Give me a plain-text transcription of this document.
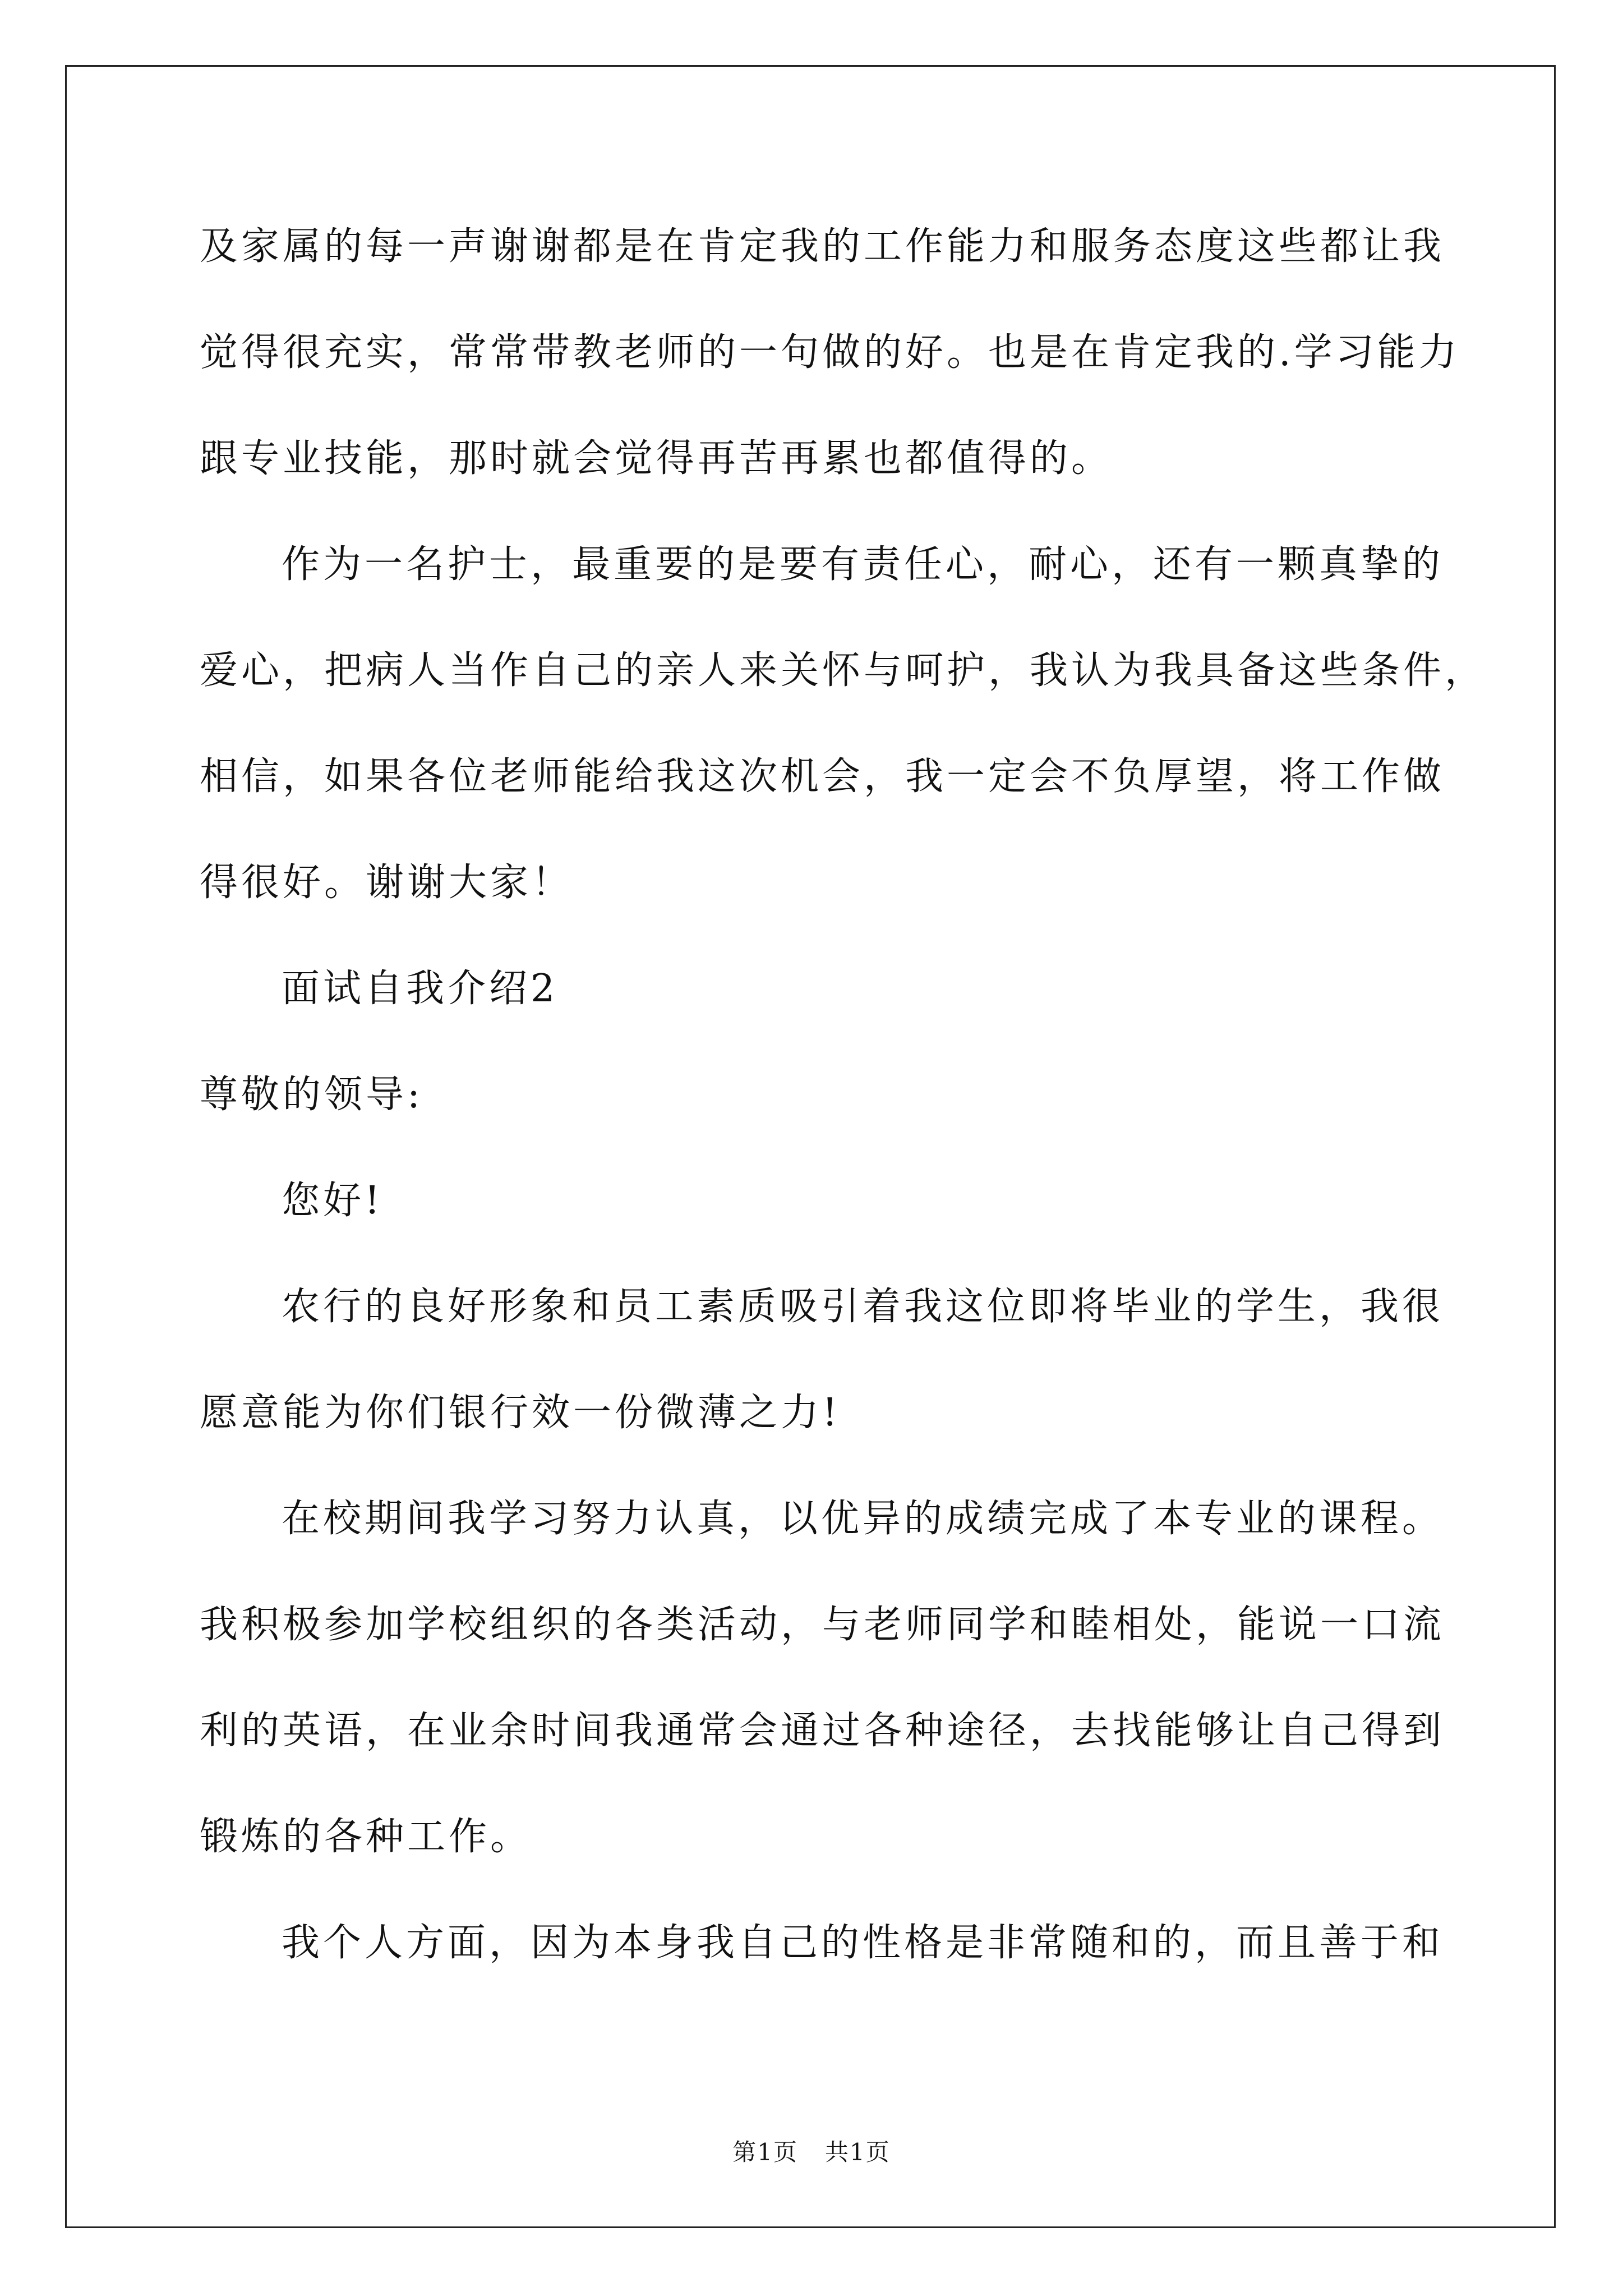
及家属的每一声谢谢都是在肯定我的工作能力和服务态度这些都让我
觉得很充实，常常带教老师的一句做的好。也是在肯定我的.学习能力
跟专业技能，那时就会觉得再苦再累也都值得的。
作为一名护士，最重要的是要有责任心，耐心，还有一颗真挚的
爱心，把病人当作自己的亲人来关怀与呵护，我认为我具备这些条件，
相信，如果各位老师能给我这次机会，我一定会不负厚望，将工作做
得很好。谢谢大家！
面试自我介绍2
尊敬的领导:
您好!
农行的良好形象和员工素质吸引着我这位即将毕业的学生，我很
愿意能为你们银行效一份微薄之力!
在校期间我学习努力认真，以优异的成绩完成了本专业的课程。
我积极参加学校组织的各类活动，与老师同学和睦相处，能说一口流
利的英语，在业余时间我通常会通过各种途径，去找能够让自己得到
锻炼的各种工作。
我个人方面，因为本身我自己的性格是非常随和的，而且善于和
第1页 共1页
